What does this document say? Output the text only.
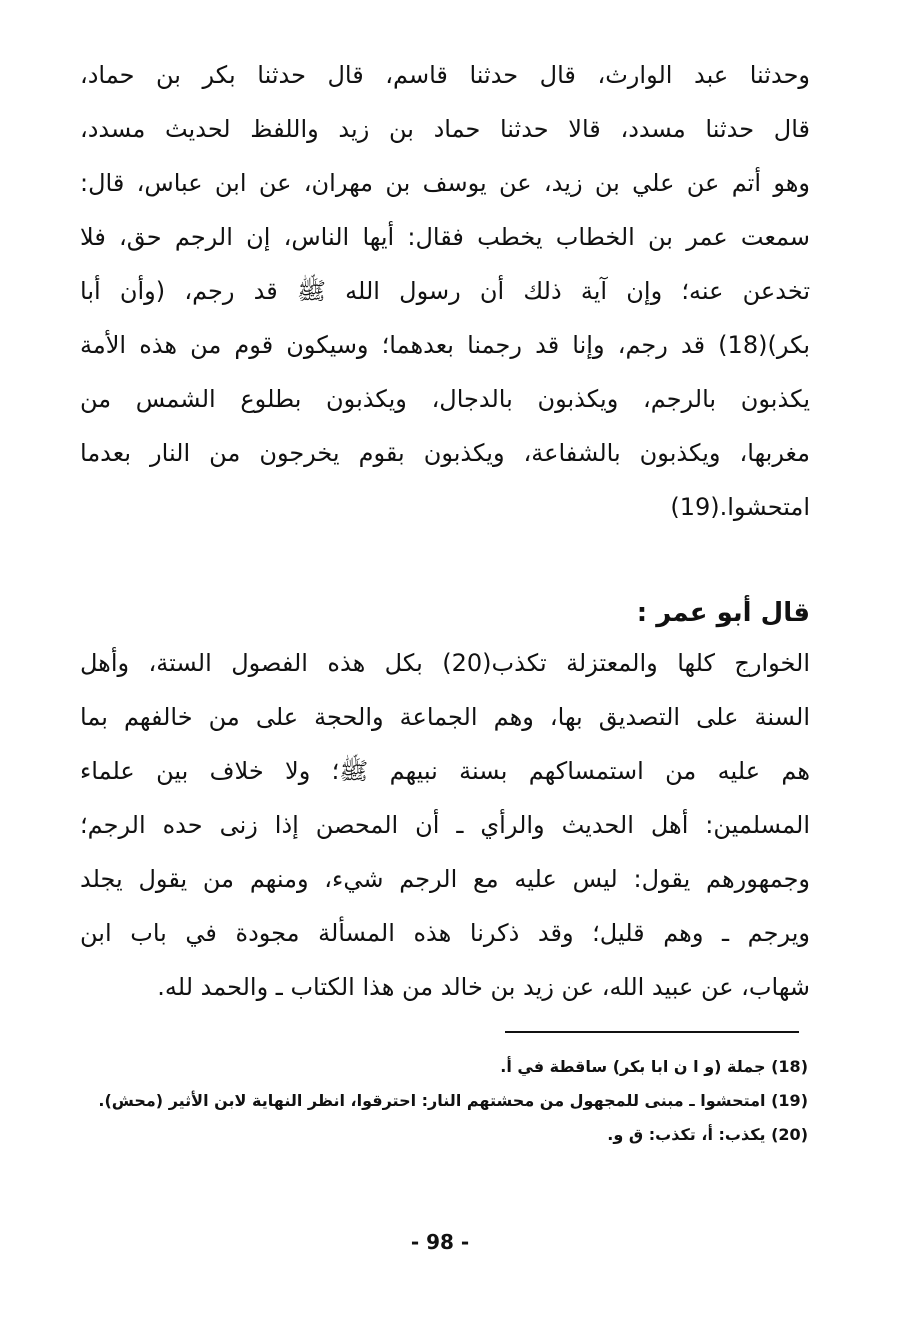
وحدثنا عبد الوارث، قال حدثنا قاسم، قال حدثنا بكر بن حماد،
قال حدثنا مسدد، قالا حدثنا حماد بن زيد واللفظ لحديث مسدد،
وهو أتم عن علي بن زيد، عن يوسف بن مهران، عن ابن عباس، قال:
سمعت عمر بن الخطاب يخطب فقال: أيها الناس، إن الرجم حق، فلا
تخدعن عنه؛ وإن آية ذلك أن رسول الله ﷺ قد رجم، (وأن أبا
بكر)(18) قد رجم، وإنا قد رجمنا بعدهما؛ وسيكون قوم من هذه الأمة
يكذبون بالرجم، ويكذبون بالدجال، ويكذبون بطلوع الشمس من
مغربها، ويكذبون بالشفاعة، ويكذبون بقوم يخرجون من النار بعدما
امتحشوا.(19)
قال أبو عمر :
الخوارج كلها والمعتزلة تكذب(20) بكل هذه الفصول الستة، وأهل
السنة على التصديق بها، وهم الجماعة والحجة على من خالفهم بما
هم عليه من استمساكهم بسنة نبيهم ﷺ؛ ولا خلاف بين علماء
المسلمين: أهل الحديث والرأي ـ أن المحصن إذا زنى حده الرجم؛
وجمهورهم يقول: ليس عليه مع الرجم شيء، ومنهم من يقول يجلد
ويرجم ـ وهم قليل؛ وقد ذكرنا هذه المسألة مجودة في باب ابن
شهاب، عن عبيد الله، عن زيد بن خالد من هذا الكتاب ـ والحمد لله.
(18) جملة (و ا ن ابا بكر) ساقطة في أ.
(19) امتحشوا ـ مبنى للمجهول من محشتهم النار: احترقوا، انظر النهاية لابن الأثير (محش).
(20) يكذب: أ، تكذب: ق و.
- 98 -
